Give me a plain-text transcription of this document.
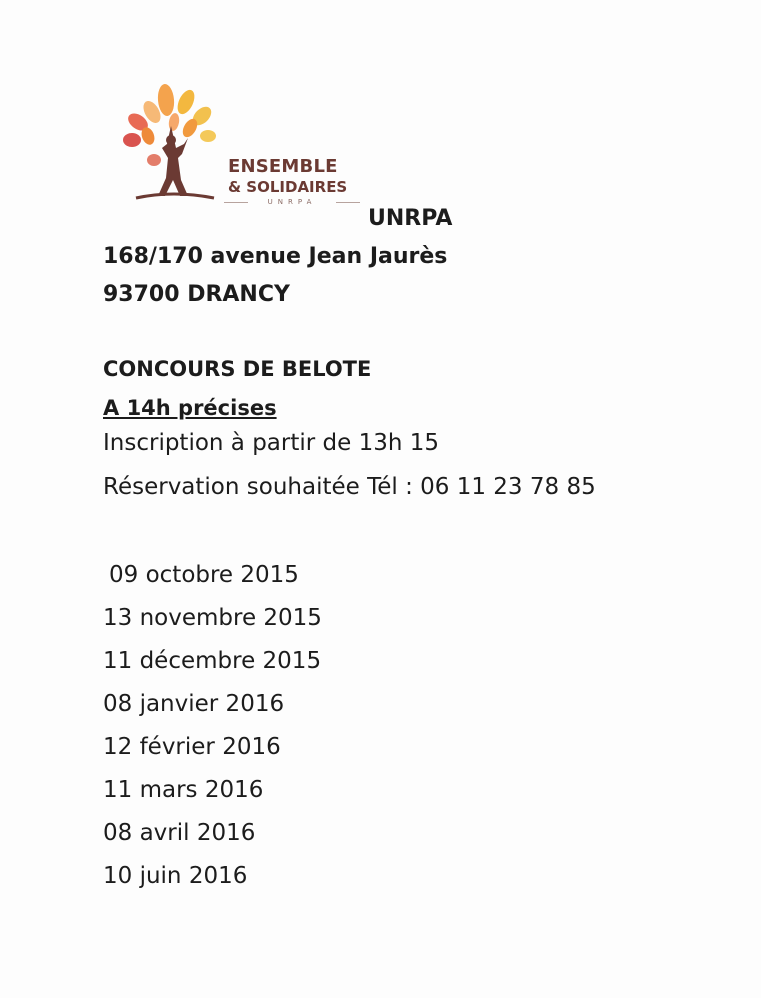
ENSEMBLE
& SOLIDAIRES
UNRPA
UNRPA
168/170 avenue Jean Jaurès
93700 DRANCY
CONCOURS DE BELOTE
A 14h précises
Inscription à partir de 13h 15
Réservation souhaitée Tél : 06 11 23 78 85
09 octobre 2015
13 novembre 2015
11 décembre 2015
08 janvier 2016
12 février 2016
11 mars 2016
08 avril 2016
10 juin 2016
